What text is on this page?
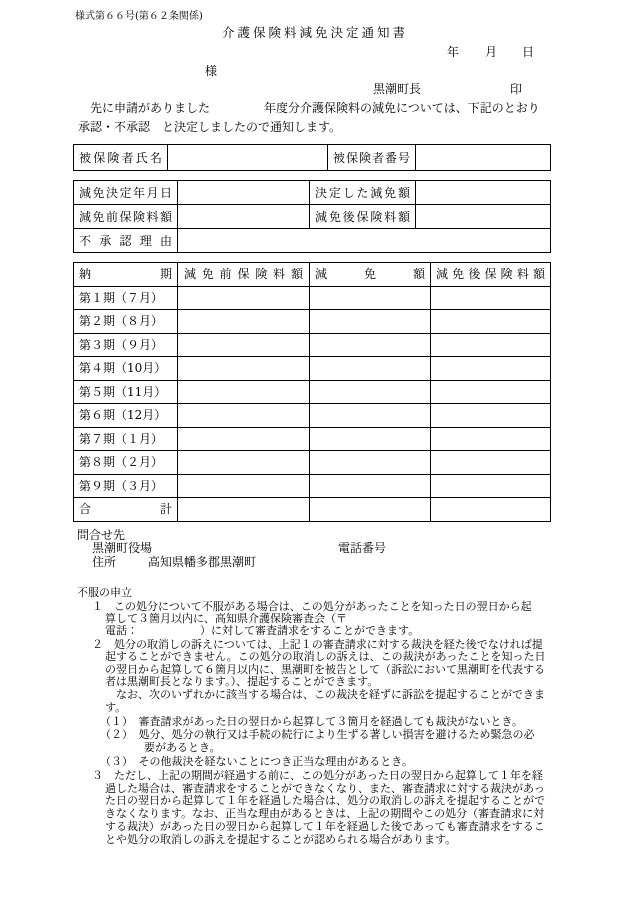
様式第６６号(第６２条関係)
介護保険料減免決定通知書
年 月 日
様
黒潮町長	印
先に申請がありました	年度分介護保険料の減免については、下記のとおり
承認・不承認　と決定しましたので通知します。
被保険者氏名		被保険者番号	
減免決定年月日		決定した減免額	
減免前保険料額		減免後保険料額	
不承認理由			
納期	減免前保険料額	減免額	減免後保険料額
第１期（７月）			
第２期（８月）			
第３期（９月）			
第４期（10月）			
第５期（11月）			
第６期（12月）			
第７期（１月）			
第８期（２月）			
第９期（３月）			
合計			
問合せ先
黒潮町役場	電話番号
住所	高知県幡多郡黒潮町
不服の申立
１　この処分について不服がある場合は、この処分があったことを知った日の翌日から起
算して３箇月以内に、高知県介護保険審査会（〒
電話：	）に対して審査請求をすることができます。
２　処分の取消しの訴えについては、上記１の審査請求に対する裁決を経た後でなければ提
起することができません。この処分の取消しの訴えは、この裁決があったことを知った日
の翌日から起算して６箇月以内に、黒潮町を被告として（訴訟において黒潮町を代表する
者は黒潮町長となります。）、提起することができます。
なお、次のいずれかに該当する場合は、この裁決を経ずに訴訟を提起することができま
す。
（１）　審査請求があった日の翌日から起算して３箇月を経過しても裁決がないとき。
（２）　処分、処分の執行又は手続の続行により生ずる著しい損害を避けるため緊急の必
要があるとき。
（３）　その他裁決を経ないことにつき正当な理由があるとき。
３　ただし、上記の期間が経過する前に、この処分があった日の翌日から起算して１年を経
過した場合は、審査請求をすることができなくなり、また、審査請求に対する裁決があっ
た日の翌日から起算して１年を経過した場合は、処分の取消しの訴えを提起することがで
きなくなります。なお、正当な理由があるときは、上記の期間やこの処分（審査請求に対
する裁決）があった日の翌日から起算して１年を経過した後であっても審査請求をするこ
とや処分の取消しの訴えを提起することが認められる場合があります。
